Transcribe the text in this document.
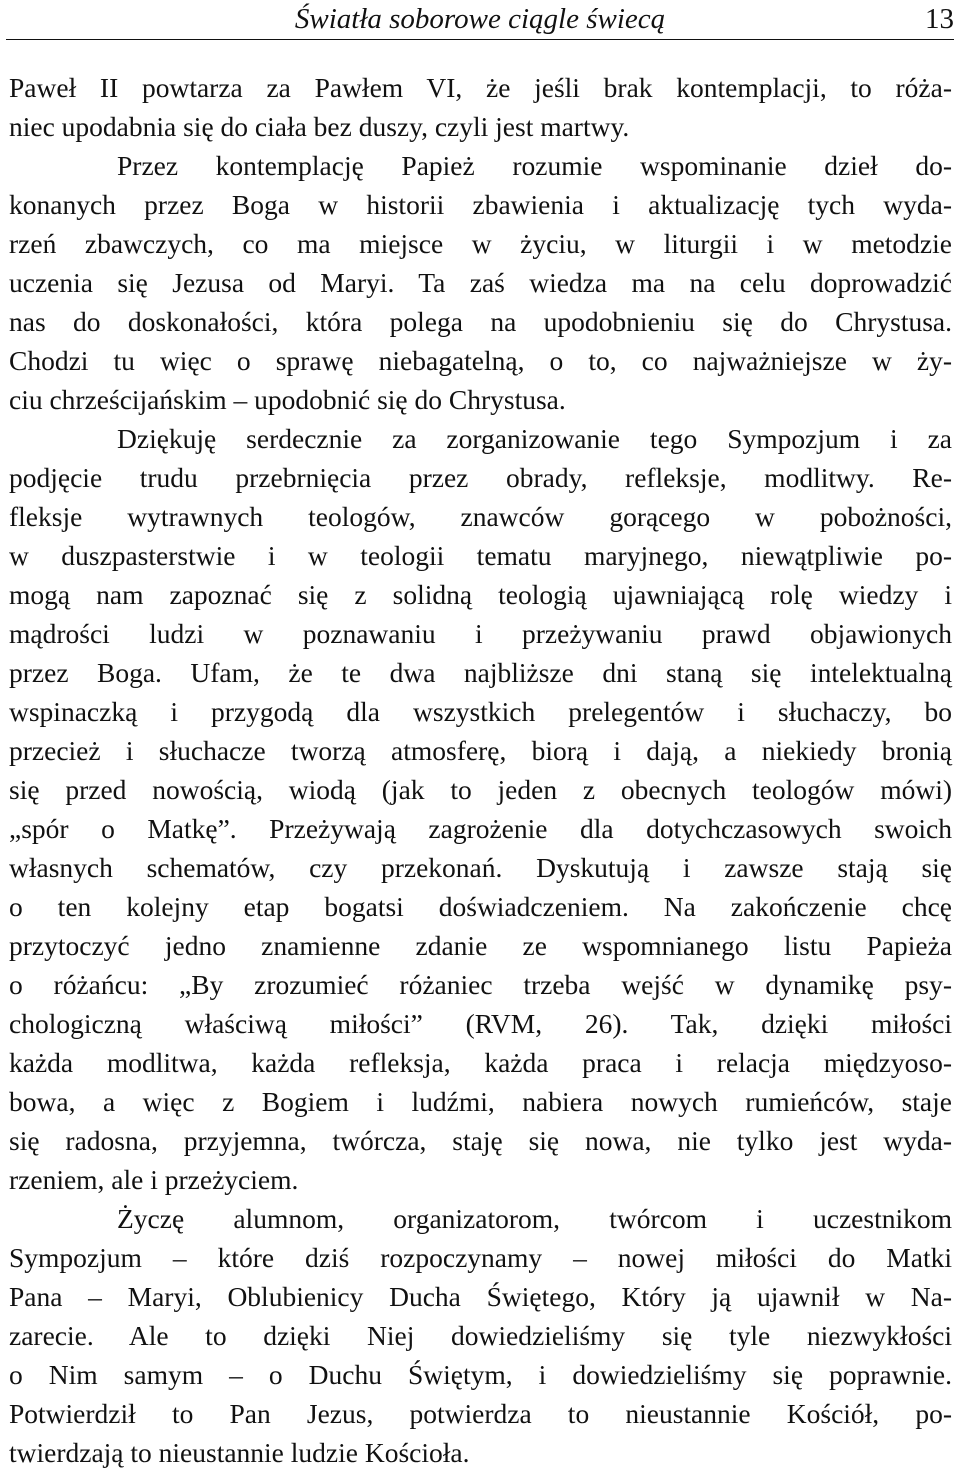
Światła soborowe ciągle świecą	13
Paweł II powtarza za Pawłem VI, że jeśli brak kontemplacji, to róża-
niec upodabnia się do ciała bez duszy, czyli jest martwy.
Przez kontemplację Papież rozumie wspominanie dzieł do-
konanych przez Boga w historii zbawienia i aktualizację tych wyda-
rzeń zbawczych, co ma miejsce w życiu, w liturgii i w metodzie
uczenia się Jezusa od Maryi. Ta zaś wiedza ma na celu doprowadzić
nas do doskonałości, która polega na upodobnieniu się do Chrystusa.
Chodzi tu więc o sprawę niebagatelną, o to, co najważniejsze w ży-
ciu chrześcijańskim – upodobnić się do Chrystusa.
Dziękuję serdecznie za zorganizowanie tego Sympozjum i za
podjęcie trudu przebrnięcia przez obrady, refleksje, modlitwy. Re-
fleksje wytrawnych teologów, znawców gorącego w pobożności,
w duszpasterstwie i w teologii tematu maryjnego, niewątpliwie po-
mogą nam zapoznać się z solidną teologią ujawniającą rolę wiedzy i
mądrości ludzi w poznawaniu i przeżywaniu prawd objawionych
przez Boga. Ufam, że te dwa najbliższe dni staną się intelektualną
wspinaczką i przygodą dla wszystkich prelegentów i słuchaczy, bo
przecież i słuchacze tworzą atmosferę, biorą i dają, a niekiedy bronią
się przed nowością, wiodą (jak to jeden z obecnych teologów mówi)
„spór o Matkę”. Przeżywają zagrożenie dla dotychczasowych swoich
własnych schematów, czy przekonań. Dyskutują i zawsze stają się
o ten kolejny etap bogatsi doświadczeniem. Na zakończenie chcę
przytoczyć jedno znamienne zdanie ze wspomnianego listu Papieża
o różańcu: „By zrozumieć różaniec trzeba wejść w dynamikę psy-
chologiczną właściwą miłości” (RVM, 26). Tak, dzięki miłości
każda modlitwa, każda refleksja, każda praca i relacja międzyoso-
bowa, a więc z Bogiem i ludźmi, nabiera nowych rumieńców, staje
się radosna, przyjemna, twórcza, staję się nowa, nie tylko jest wyda-
rzeniem, ale i przeżyciem.
Życzę alumnom, organizatorom, twórcom i uczestnikom
Sympozjum – które dziś rozpoczynamy – nowej miłości do Matki
Pana – Maryi, Oblubienicy Ducha Świętego, Który ją ujawnił w Na-
zarecie. Ale to dzięki Niej dowiedzieliśmy się tyle niezwykłości
o Nim samym – o Duchu Świętym, i dowiedzieliśmy się poprawnie.
Potwierdził to Pan Jezus, potwierdza to nieustannie Kościół, po-
twierdzają to nieustannie ludzie Kościoła.
